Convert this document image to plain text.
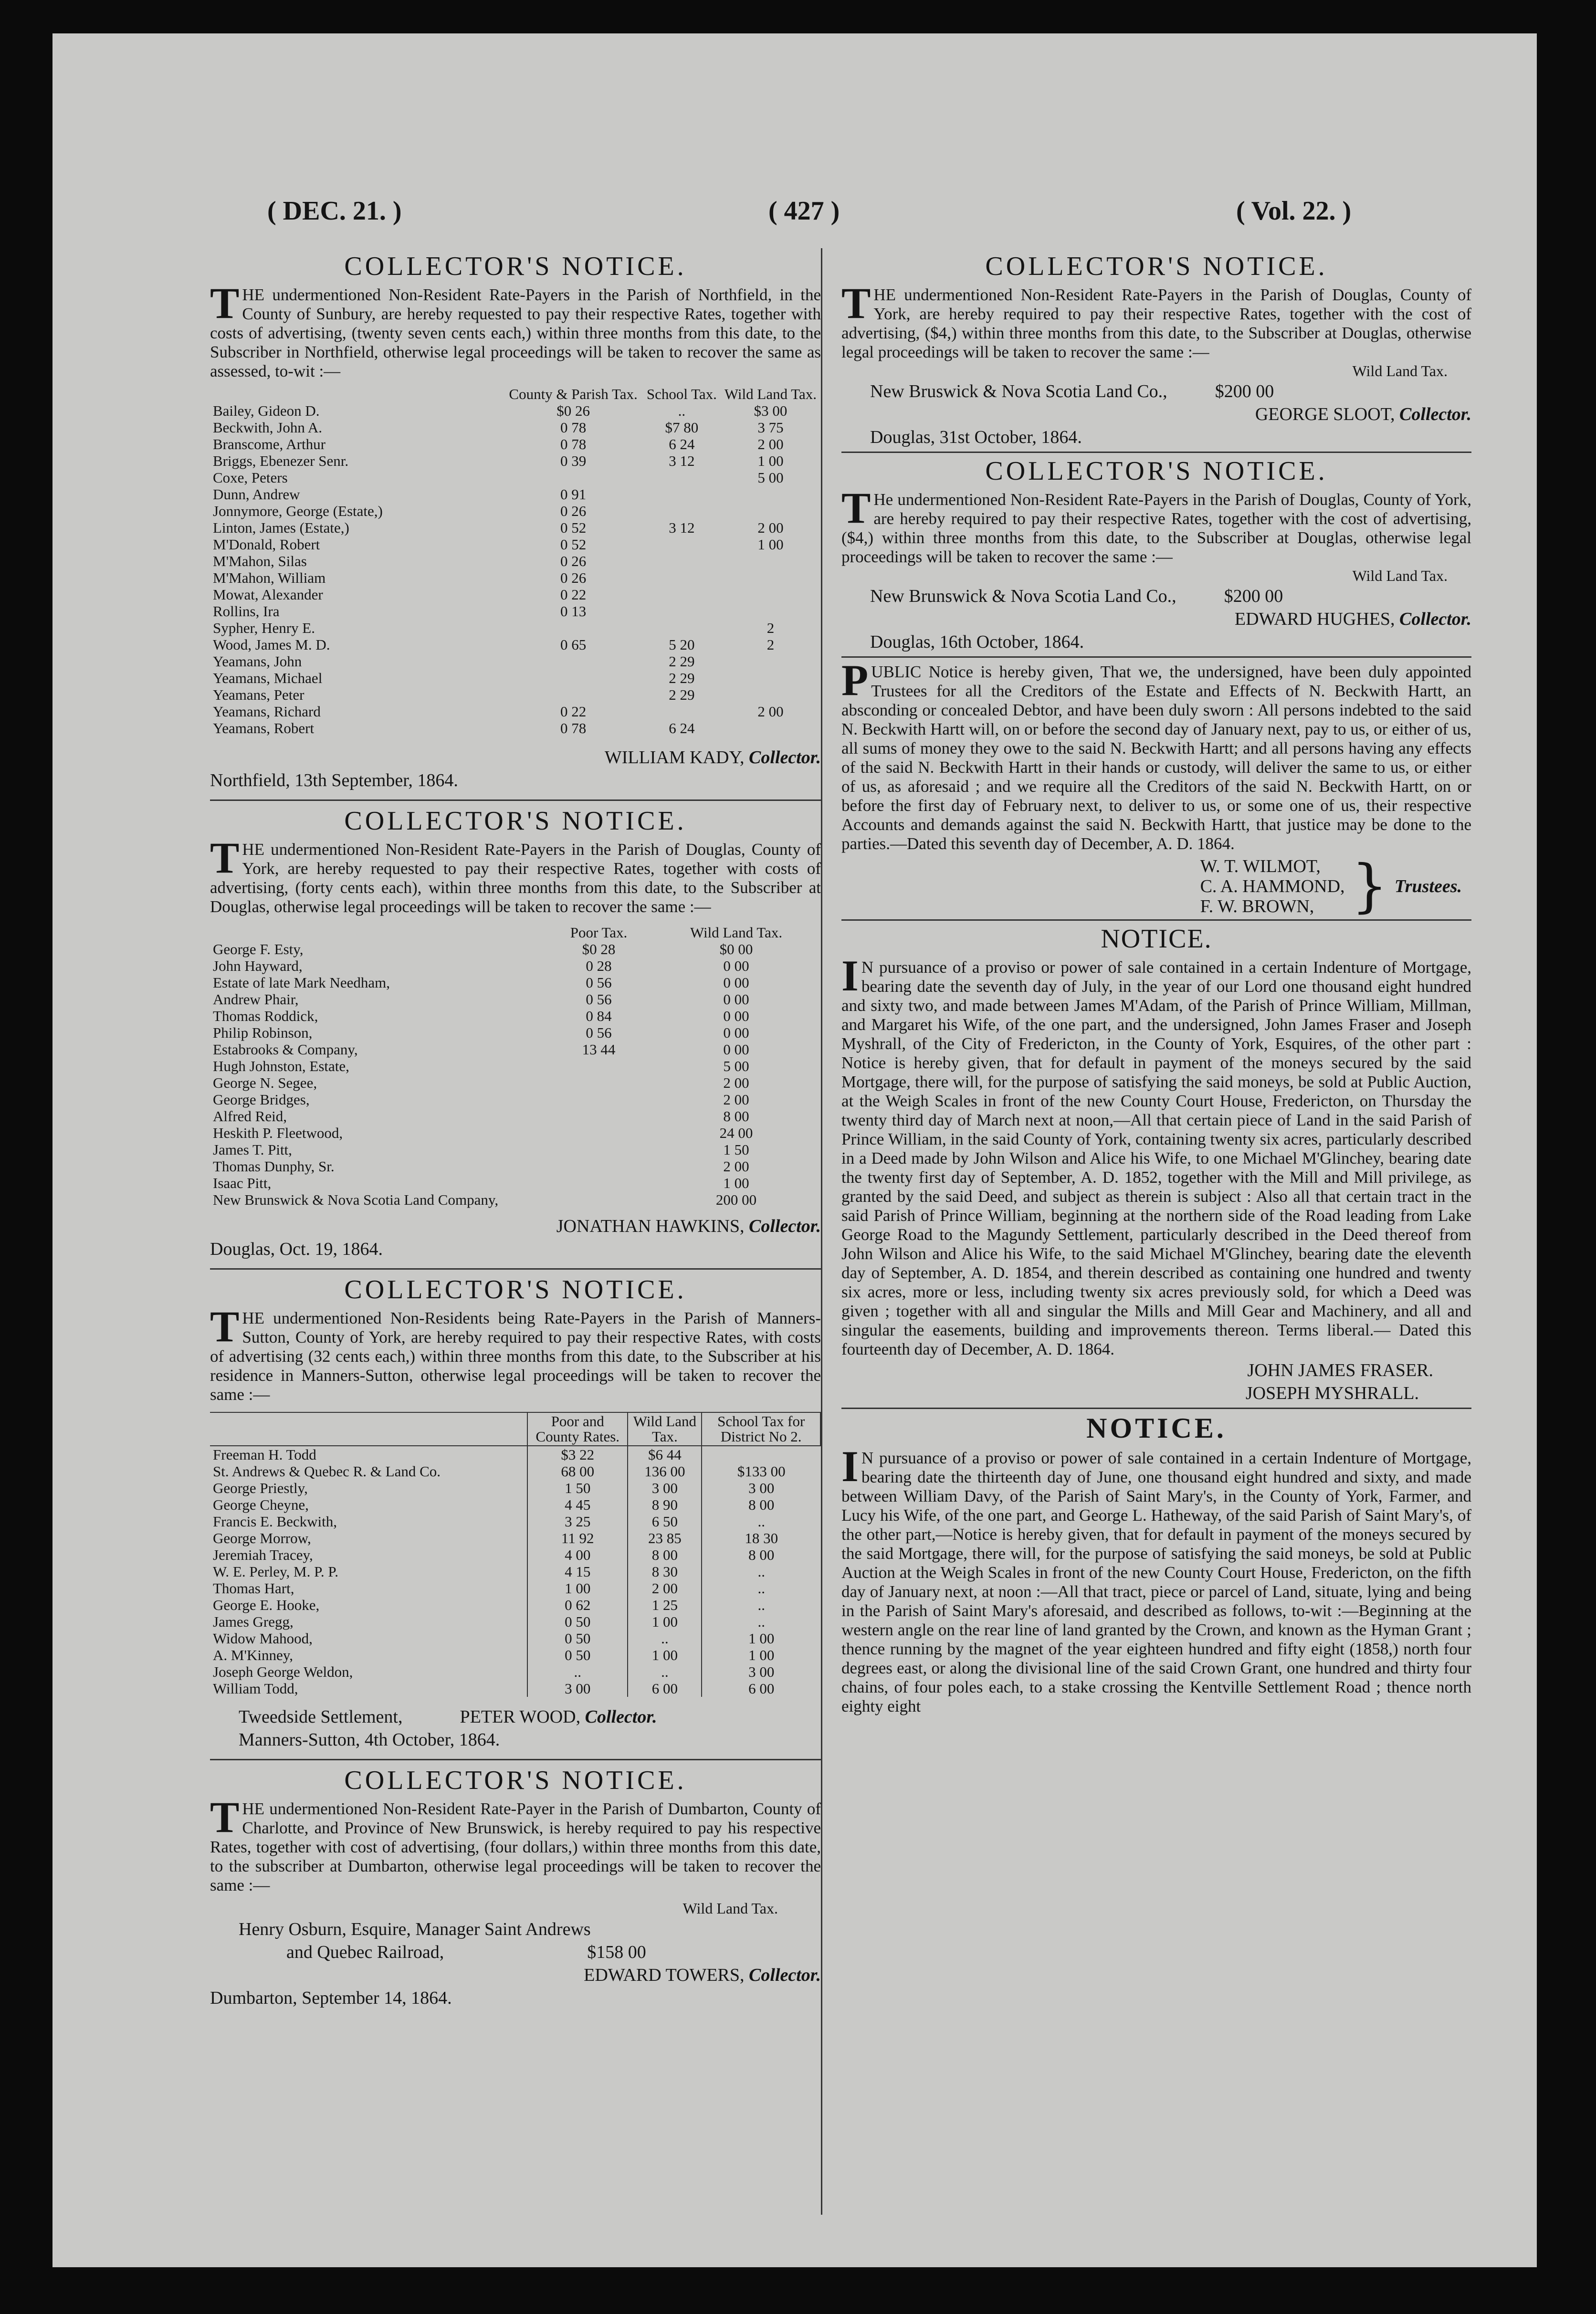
( DEC. 21. )	( 427 )	( Vol. 22. )
COLLECTOR'S NOTICE.

THE undermentioned Non-Resident Rate-Payers in the Parish of Northfield, in the County of Sunbury, are hereby requested to pay their respective Rates, together with costs of advertising, (twenty seven cents each,) within three months from this date, to the Subscriber in Northfield, otherwise legal proceedings will be taken to recover the same as assessed, to-wit :—

	County & Parish Tax.	School Tax.	Wild Land Tax.
Bailey, Gideon D.	$0 26	..	$3 00
Beckwith, John A.	0 78	$7 80	3 75
Branscome, Arthur	0 78	6 24	2 00
Briggs, Ebenezer Senr.	0 39	3 12	1 00
Coxe, Peters			5 00
Dunn, Andrew	0 91		
Jonnymore, George (Estate,)	0 26		
Linton, James (Estate,)	0 52	3 12	2 00
M'Donald, Robert	0 52		1 00
M'Mahon, Silas	0 26		
M'Mahon, William	0 26		
Mowat, Alexander	0 22		
Rollins, Ira	0 13		
Sypher, Henry E.			2
Wood, James M. D.	0 65	5 20	2
Yeamans, John		2 29	
Yeamans, Michael		2 29	
Yeamans, Peter		2 29	
Yeamans, Richard	0 22		2 00
Yeamans, Robert	0 78	6 24	
WILLIAM KADY, Collector.
Northfield, 13th September, 1864.
COLLECTOR'S NOTICE.

THE undermentioned Non-Resident Rate-Payers in the Parish of Douglas, County of York, are hereby requested to pay their respective Rates, together with costs of advertising, (forty cents each), within three months from this date, to the Subscriber at Douglas, otherwise legal proceedings will be taken to recover the same :—

	Poor Tax.	Wild Land Tax.
George F. Esty,	$0 28	$0 00
John Hayward,	0 28	0 00
Estate of late Mark Needham,	0 56	0 00
Andrew Phair,	0 56	0 00
Thomas Roddick,	0 84	0 00
Philip Robinson,	0 56	0 00
Estabrooks & Company,	13 44	0 00
Hugh Johnston, Estate,		5 00
George N. Segee,		2 00
George Bridges,		2 00
Alfred Reid,		8 00
Heskith P. Fleetwood,		24 00
James T. Pitt,		1 50
Thomas Dunphy, Sr.		2 00
Isaac Pitt,		1 00
New Brunswick & Nova Scotia Land Company,		200 00
JONATHAN HAWKINS, Collector.
Douglas, Oct. 19, 1864.
COLLECTOR'S NOTICE.

THE undermentioned Non-Residents being Rate-Payers in the Parish of Manners-Sutton, County of York, are hereby required to pay their respective Rates, with costs of advertising (32 cents each,) within three months from this date, to the Subscriber at his residence in Manners-Sutton, otherwise legal proceedings will be taken to recover the same :—

	Poor and County Rates.	Wild Land Tax.	School Tax for District No 2.
Freeman H. Todd	$3 22	$6 44	
St. Andrews & Quebec R. & Land Co.	68 00	136 00	$133 00
George Priestly,	1 50	3 00	3 00
George Cheyne,	4 45	8 90	8 00
Francis E. Beckwith,	3 25	6 50	..
George Morrow,	11 92	23 85	18 30
Jeremiah Tracey,	4 00	8 00	8 00
W. E. Perley, M. P. P.	4 15	8 30	..
Thomas Hart,	1 00	2 00	..
George E. Hooke,	0 62	1 25	..
James Gregg,	0 50	1 00	..
Widow Mahood,	0 50	..	1 00
A. M'Kinney,	0 50	1 00	1 00
Joseph George Weldon,	..	..	3 00
William Todd,	3 00	6 00	6 00
Tweedside Settlement,	PETER WOOD, Collector.
Manners-Sutton, 4th October, 1864.
COLLECTOR'S NOTICE.

THE undermentioned Non-Resident Rate-Payer in the Parish of Dumbarton, County of Charlotte, and Province of New Brunswick, is hereby required to pay his respective Rates, together with cost of advertising, (four dollars,) within three months from this date, to the subscriber at Dumbarton, otherwise legal proceedings will be taken to recover the same :—

Wild Land Tax.
Henry Osburn, Esquire, Manager Saint Andrews
and Quebec Railroad,	$158 00
EDWARD TOWERS, Collector.
Dumbarton, September 14, 1864.
COLLECTOR'S NOTICE.

THE undermentioned Non-Resident Rate-Payers in the Parish of Douglas, County of York, are hereby required to pay their respective Rates, together with the cost of advertising, ($4,) within three months from this date, to the Subscriber at Douglas, otherwise legal proceedings will be taken to recover the same :—

Wild Land Tax.
New Bruswick & Nova Scotia Land Co.,	$200 00
GEORGE SLOOT, Collector.
Douglas, 31st October, 1864.
COLLECTOR'S NOTICE.

T He undermentioned Non-Resident Rate-Payers in the Parish of Douglas, County of York, are hereby required to pay their respective Rates, together with the cost of advertising, ($4,) within three months from this date, to the Subscriber at Douglas, otherwise legal proceedings will be taken to recover the same :—

Wild Land Tax.
New Brunswick & Nova Scotia Land Co.,	$200 00
EDWARD HUGHES, Collector.
Douglas, 16th October, 1864.

PUBLIC Notice is hereby given, That we, the undersigned, have been duly appointed Trustees for all the Creditors of the Estate and Effects of N. Beckwith Hartt, an absconding or concealed Debtor, and have been duly sworn : All persons indebted to the said N. Beckwith Hartt will, on or before the second day of January next, pay to us, or either of us, all sums of money they owe to the said N. Beckwith Hartt; and all persons having any effects of the said N. Beckwith Hartt in their hands or custody, will deliver the same to us, or either of us, as aforesaid ; and we require all the Creditors of the said N. Beckwith Hartt, on or before the first day of February next, to deliver to us, or some one of us, their respective Accounts and demands against the said N. Beckwith Hartt, that justice may be done to the parties.—Dated this seventh day of December, A. D. 1864.

W. T. WILMOT,
C. A. HAMMOND,
F. W. BROWN, } Trustees.
NOTICE.

I N pursuance of a proviso or power of sale contained in a certain Indenture of Mortgage, bearing date the seventh day of July, in the year of our Lord one thousand eight hundred and sixty two, and made between James M'Adam, of the Parish of Prince William, Millman, and Margaret his Wife, of the one part, and the undersigned, John James Fraser and Joseph Myshrall, of the City of Fredericton, in the County of York, Esquires, of the other part : Notice is hereby given, that for default in payment of the moneys secured by the said Mortgage, there will, for the purpose of satisfying the said moneys, be sold at Public Auction, at the Weigh Scales in front of the new County Court House, Fredericton, on Thursday the twenty third day of March next at noon,—All that certain piece of Land in the said Parish of Prince William, in the said County of York, containing twenty six acres, particularly described in a Deed made by John Wilson and Alice his Wife, to one Michael M'Glinchey, bearing date the twenty first day of September, A. D. 1852, together with the Mill and Mill privilege, as granted by the said Deed, and subject as therein is subject : Also all that certain tract in the said Parish of Prince William, beginning at the northern side of the Road leading from Lake George Road to the Magundy Settlement, particularly described in the Deed thereof from John Wilson and Alice his Wife, to the said Michael M'Glinchey, bearing date the eleventh day of September, A. D. 1854, and therein described as containing one hundred and twenty six acres, more or less, including twenty six acres previously sold, for which a Deed was given ; together with all and singular the Mills and Mill Gear and Machinery, and all and singular the easements, building and improvements thereon. Terms liberal.— Dated this fourteenth day of December, A. D. 1864.

JOHN JAMES FRASER.
JOSEPH MYSHRALL.
NOTICE.

I N pursuance of a proviso or power of sale contained in a certain Indenture of Mortgage, bearing date the thirteenth day of June, one thousand eight hundred and sixty, and made between William Davy, of the Parish of Saint Mary's, in the County of York, Farmer, and Lucy his Wife, of the one part, and George L. Hatheway, of the said Parish of Saint Mary's, of the other part,—Notice is hereby given, that for default in payment of the moneys secured by the said Mortgage, there will, for the purpose of satisfying the said moneys, be sold at Public Auction at the Weigh Scales in front of the new County Court House, Fredericton, on the fifth day of January next, at noon :—All that tract, piece or parcel of Land, situate, lying and being in the Parish of Saint Mary's aforesaid, and described as follows, to-wit :—Beginning at the western angle on the rear line of land granted by the Crown, and known as the Hyman Grant ; thence running by the magnet of the year eighteen hundred and fifty eight (1858,) north four degrees east, or along the divisional line of the said Crown Grant, one hundred and thirty four chains, of four poles each, to a stake crossing the Kentville Settlement Road ; thence north eighty eight
